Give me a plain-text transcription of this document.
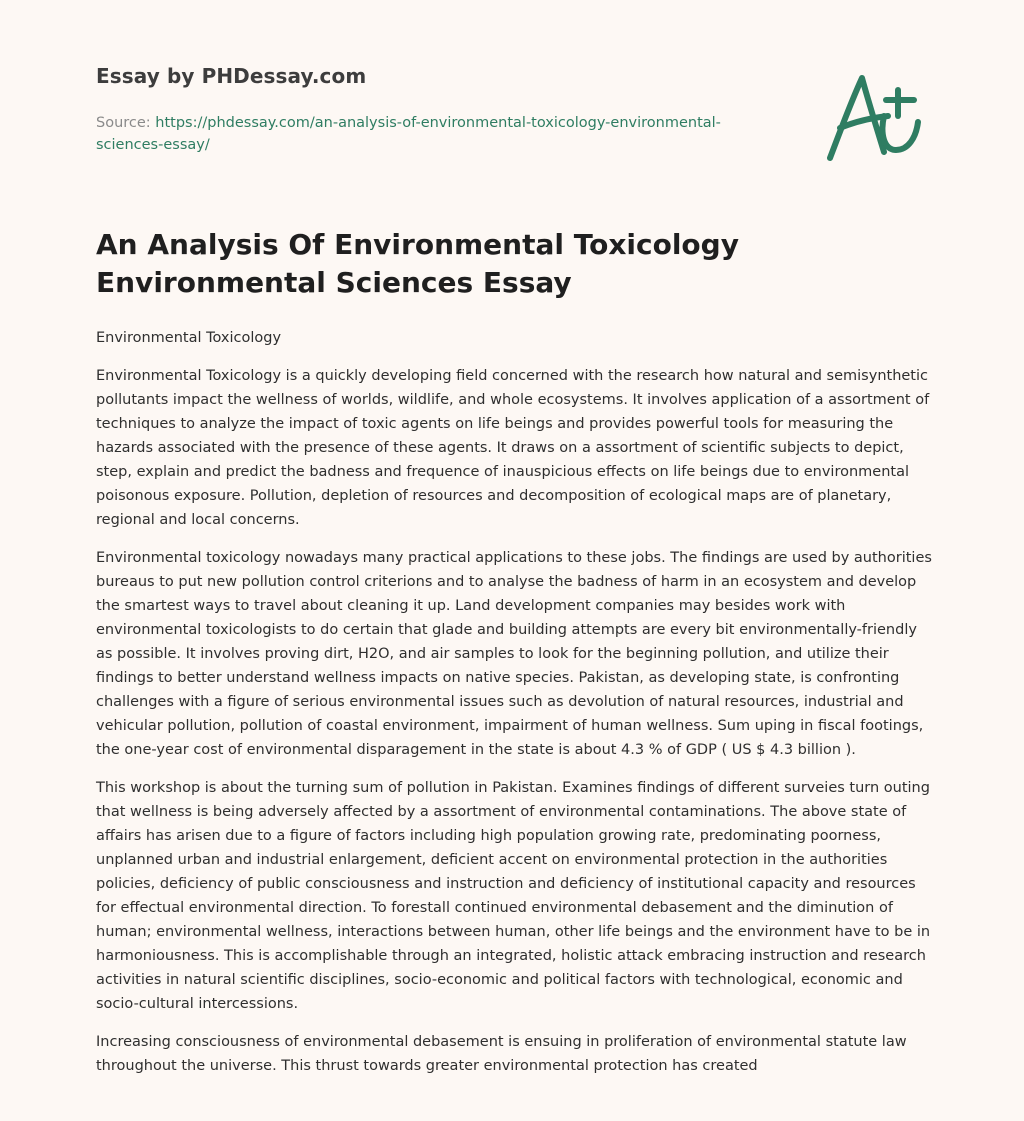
Essay by PHDessay.com
Source: https://phdessay.com/an-analysis-of-environmental-toxicology-environmental-sciences-essay/
An Analysis Of Environmental Toxicology Environmental Sciences Essay

Environmental Toxicology

Environmental Toxicology is a quickly developing field concerned with the research how natural and semisynthetic pollutants impact the wellness of worlds, wildlife, and whole ecosystems. It involves application of a assortment of techniques to analyze the impact of toxic agents on life beings and provides powerful tools for measuring the hazards associated with the presence of these agents. It draws on a assortment of scientific subjects to depict, step, explain and predict the badness and frequence of inauspicious effects on life beings due to environmental poisonous exposure. Pollution, depletion of resources and decomposition of ecological maps are of planetary, regional and local concerns.

Environmental toxicology nowadays many practical applications to these jobs. The findings are used by authorities bureaus to put new pollution control criterions and to analyse the badness of harm in an ecosystem and develop the smartest ways to travel about cleaning it up. Land development companies may besides work with environmental toxicologists to do certain that glade and building attempts are every bit environmentally-friendly as possible. It involves proving dirt, H2O, and air samples to look for the beginning pollution, and utilize their findings to better understand wellness impacts on native species. Pakistan, as developing state, is confronting challenges with a figure of serious environmental issues such as devolution of natural resources, industrial and vehicular pollution, pollution of coastal environment, impairment of human wellness. Sum uping in fiscal footings, the one-year cost of environmental disparagement in the state is about 4.3 % of GDP ( US $ 4.3 billion ).

This workshop is about the turning sum of pollution in Pakistan. Examines findings of different surveies turn outing that wellness is being adversely affected by a assortment of environmental contaminations. The above state of affairs has arisen due to a figure of factors including high population growing rate, predominating poorness, unplanned urban and industrial enlargement, deficient accent on environmental protection in the authorities policies, deficiency of public consciousness and instruction and deficiency of institutional capacity and resources for effectual environmental direction. To forestall continued environmental debasement and the diminution of human; environmental wellness, interactions between human, other life beings and the environment have to be in harmoniousness. This is accomplishable through an integrated, holistic attack embracing instruction and research activities in natural scientific disciplines, socio-economic and political factors with technological, economic and socio-cultural intercessions.

Increasing consciousness of environmental debasement is ensuing in proliferation of environmental statute law throughout the universe. This thrust towards greater environmental protection has created
